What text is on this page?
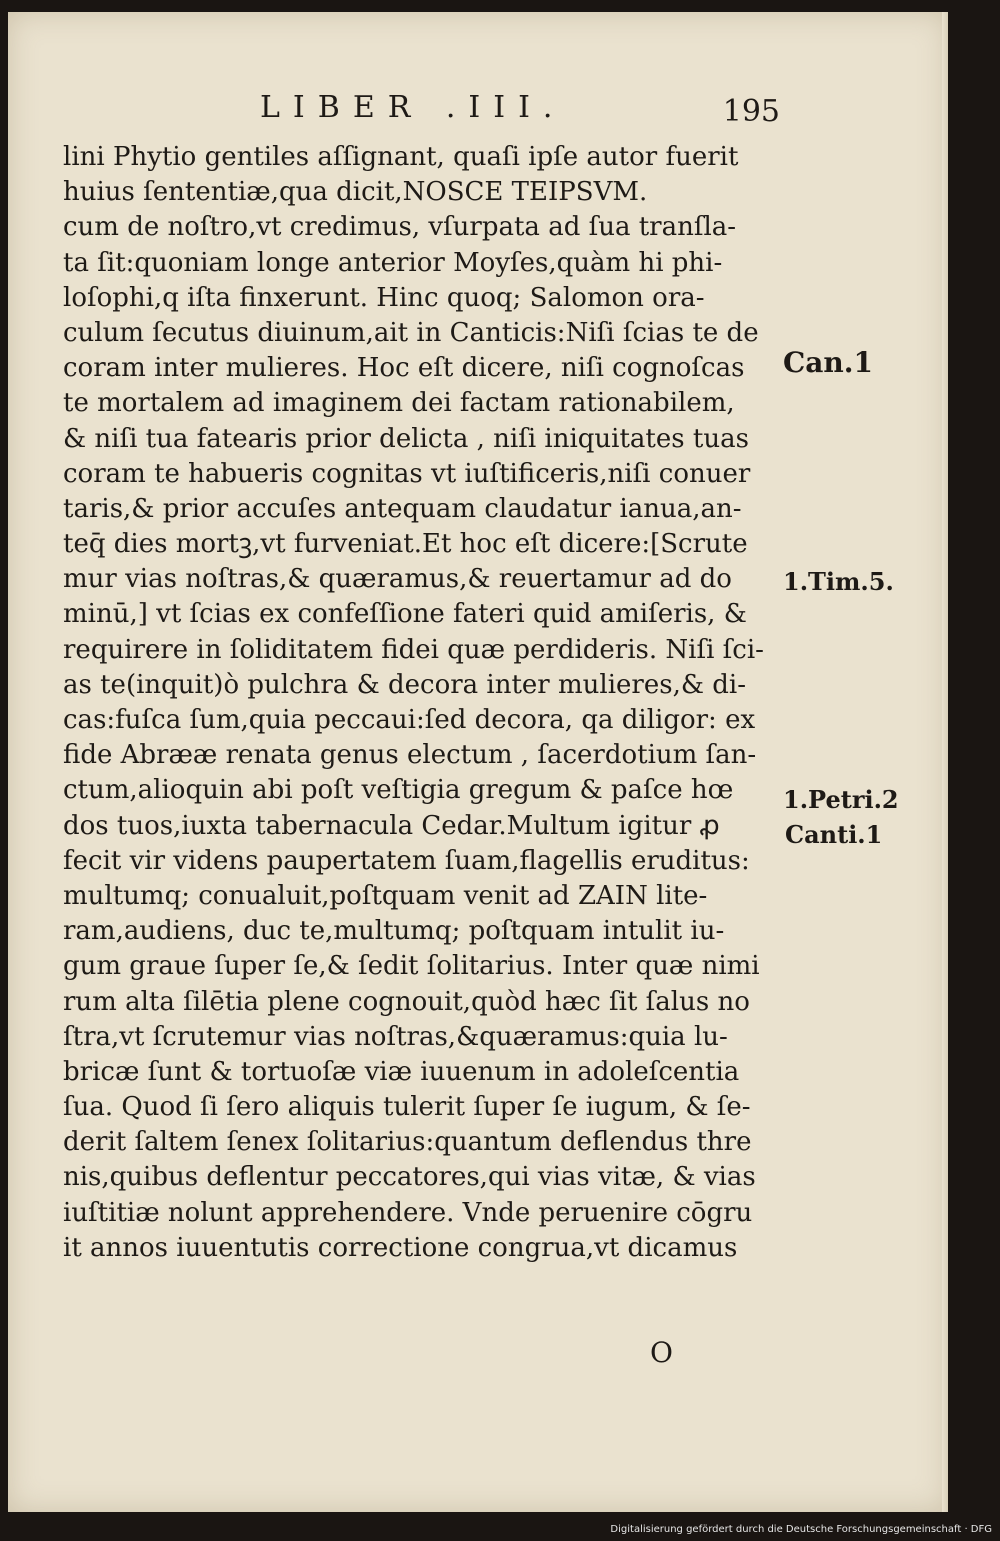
LIBER .III.	195
lini Phytio gentiles aſſignant, quaſi ipſe autor fuerit
huius ſententiæ,qua dicit,NOSCE TEIPSVM.
cum de noſtro,vt credimus, vſurpata ad ſua tranſla-
ta ſit:quoniam longe anterior Moyſes,quàm hi phi-
loſophi,q iſta finxerunt. Hinc quoq; Salomon ora-
culum ſecutus diuinum,ait in Canticis:Niſi ſcias te de
coram inter mulieres. Hoc eſt dicere, niſi cognoſcas
te mortalem ad imaginem dei factam rationabilem,
& niſi tua fatearis prior delicta , niſi iniquitates tuas
coram te habueris cognitas vt iuſtificeris,niſi conuer
taris,& prior accuſes antequam claudatur ianua,an-
teq̄ dies mortꝫ,vt furveniat.Et hoc eſt dicere:[Scrute
mur vias noſtras,& quæramus,& reuertamur ad do
minū,] vt ſcias ex confeſſione fateri quid amiſeris, &
requirere in ſoliditatem fidei quæ perdideris. Niſi ſci-
as te(inquit)ò pulchra & decora inter mulieres,& di-
cas:fuſca ſum,quia peccaui:ſed decora, qa diligor: ex
fide Abrææ renata genus electum , ſacerdotium ſan-
ctum,alioquin abi poſt veſtigia gregum & paſce hœ
dos tuos,iuxta tabernacula Cedar.Multum igitur ꝓ
fecit vir videns paupertatem ſuam,flagellis eruditus:
multumq; conualuit,poſtquam venit ad ZAIN lite-
ram,audiens, duc te,multumq; poſtquam intulit iu-
gum graue ſuper ſe,& ſedit ſolitarius. Inter quæ nimi
rum alta ſilētia plene cognouit,quòd hæc ſit ſalus no
ſtra,vt ſcrutemur vias noſtras,&quæramus:quia lu-
bricæ ſunt & tortuoſæ viæ iuuenum in adoleſcentia
ſua. Quod ſi ſero aliquis tulerit ſuper ſe iugum, & ſe-
derit ſaltem ſenex ſolitarius:quantum deflendus thre
nis,quibus deflentur peccatores,qui vias vitæ, & vias
iuſtitiæ nolunt apprehendere. Vnde peruenire cōgru
it annos iuuentutis correctione congrua,vt dicamus
O
Can.1
1.Tim.5.
1.Petri.2
Canti.1
Digitalisierung gefördert durch die Deutsche Forschungsgemeinschaft · DFG
